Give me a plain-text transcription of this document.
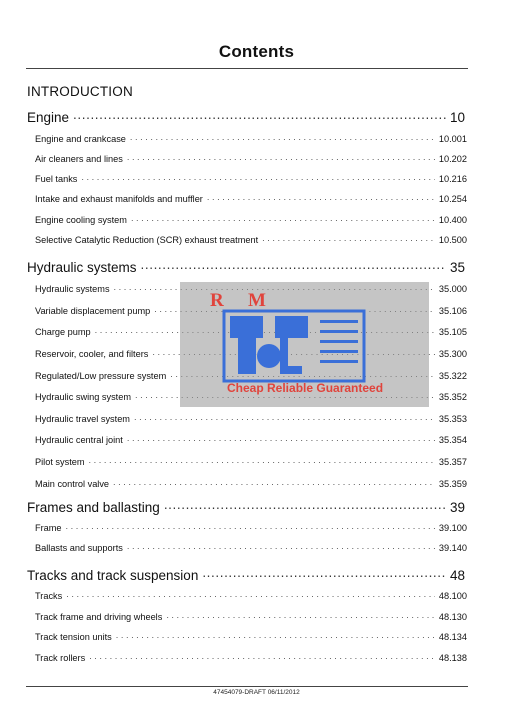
Contents
INTRODUCTION
Engine .....	10
Engine and crankcase . . .	10.001
Air cleaners and lines . . .	10.202
Fuel tanks . . .	10.216
Intake and exhaust manifolds and muffler . . .	10.254
Engine cooling system . . .	10.400
Selective Catalytic Reduction (SCR) exhaust treatment . . .	10.500
Hydraulic systems .....	35
Hydraulic systems . . .	35.000
Variable displacement pump . . .	35.106
Charge pump . . .	35.105
Reservoir, cooler, and filters . . .	35.300
Regulated/Low pressure system . . .	35.322
Hydraulic swing system . . .	35.352
Hydraulic travel system . . .	35.353
Hydraulic central joint . . .	35.354
Pilot system . . .	35.357
Main control valve . . .	35.359
Frames and ballasting .....	39
Frame . . .	39.100
Ballasts and supports . . .	39.140
Tracks and track suspension .....	48
Tracks . . .	48.100
Track frame and driving wheels . . .	48.130
Track tension units . . .	48.134
Track rollers . . .	48.138
R M
Cheap Reliable Guaranteed
47454079-DRAFT 06/11/2012
